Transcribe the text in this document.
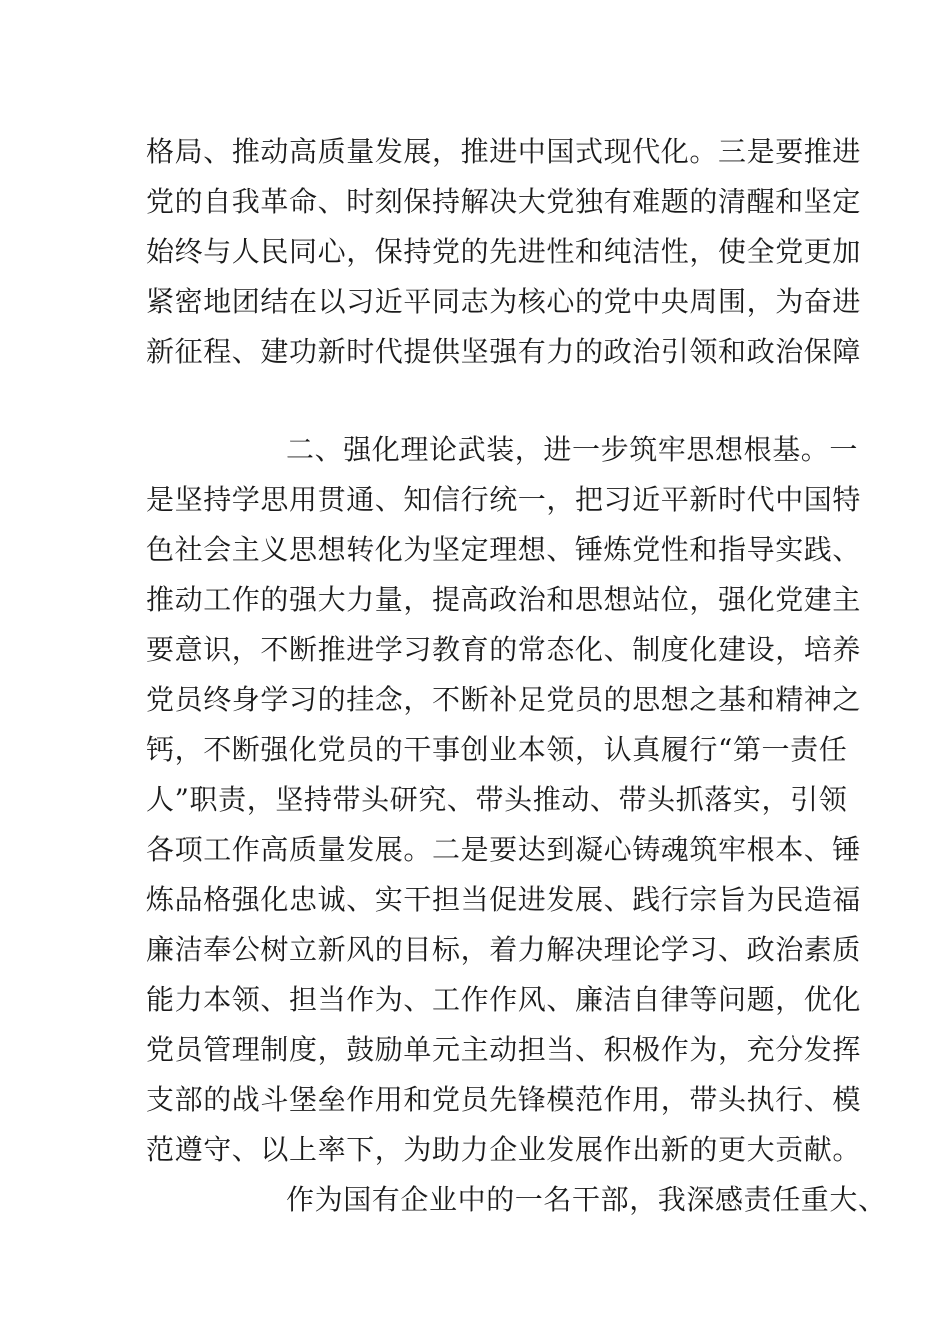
格局、推动高质量发展，推进中国式现代化。三是要推进
党的自我革命、时刻保持解决大党独有难题的清醒和坚定
始终与人民同心，保持党的先进性和纯洁性，使全党更加
紧密地团结在以习近平同志为核心的党中央周围，为奋进
新征程、建功新时代提供坚强有力的政治引领和政治保障
二、强化理论武装，进一步筑牢思想根基。一
是坚持学思用贯通、知信行统一，把习近平新时代中国特
色社会主义思想转化为坚定理想、锤炼党性和指导实践、
推动工作的强大力量，提高政治和思想站位，强化党建主
要意识，不断推进学习教育的常态化、制度化建设，培养
党员终身学习的挂念，不断补足党员的思想之基和精神之
钙，不断强化党员的干事创业本领，认真履行“第一责任
人”职责，坚持带头研究、带头推动、带头抓落实，引领
各项工作高质量发展。二是要达到凝心铸魂筑牢根本、锤
炼品格强化忠诚、实干担当促进发展、践行宗旨为民造福
廉洁奉公树立新风的目标，着力解决理论学习、政治素质
能力本领、担当作为、工作作风、廉洁自律等问题，优化
党员管理制度，鼓励单元主动担当、积极作为，充分发挥
支部的战斗堡垒作用和党员先锋模范作用，带头执行、模
范遵守、以上率下，为助力企业发展作出新的更大贡献。
作为国有企业中的一名干部，我深感责任重大、
